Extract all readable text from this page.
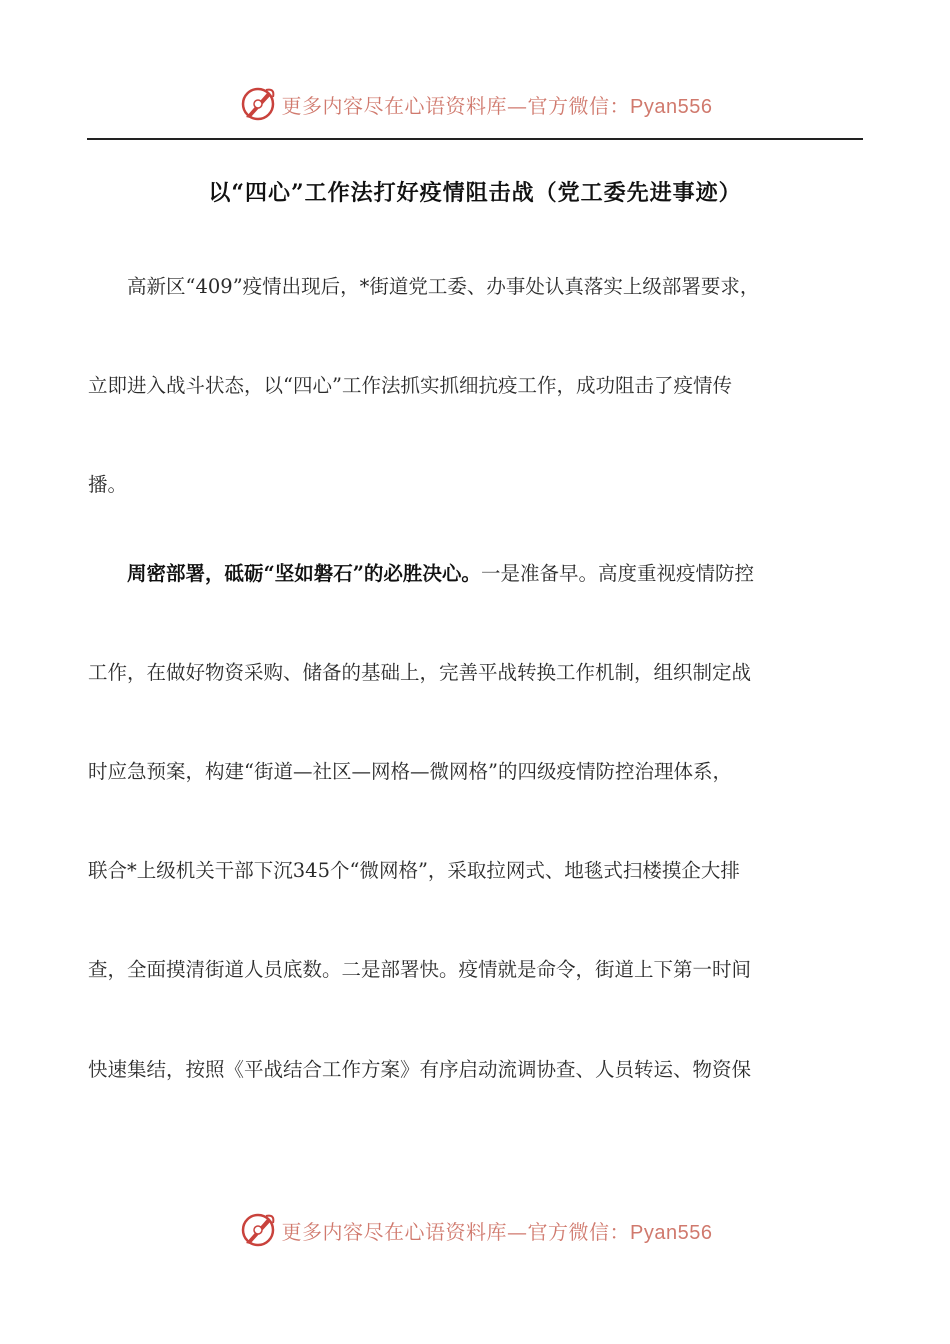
更多内容尽在心语资料库—官方微信：Pyan556
以“四心”工作法打好疫情阻击战（党工委先进事迹）
高新区“409”疫情出现后，*街道党工委、办事处认真落实上级部署要求，
立即进入战斗状态，以“四心”工作法抓实抓细抗疫工作，成功阻击了疫情传
播。
周密部署，砥砺“坚如磐石”的必胜决心。一是准备早。高度重视疫情防控
工作，在做好物资采购、储备的基础上，完善平战转换工作机制，组织制定战
时应急预案，构建“街道—社区—网格—微网格”的四级疫情防控治理体系，
联合*上级机关干部下沉345个“微网格”，采取拉网式、地毯式扫楼摸企大排
查，全面摸清街道人员底数。二是部署快。疫情就是命令，街道上下第一时间
快速集结，按照《平战结合工作方案》有序启动流调协查、人员转运、物资保
更多内容尽在心语资料库—官方微信：Pyan556
